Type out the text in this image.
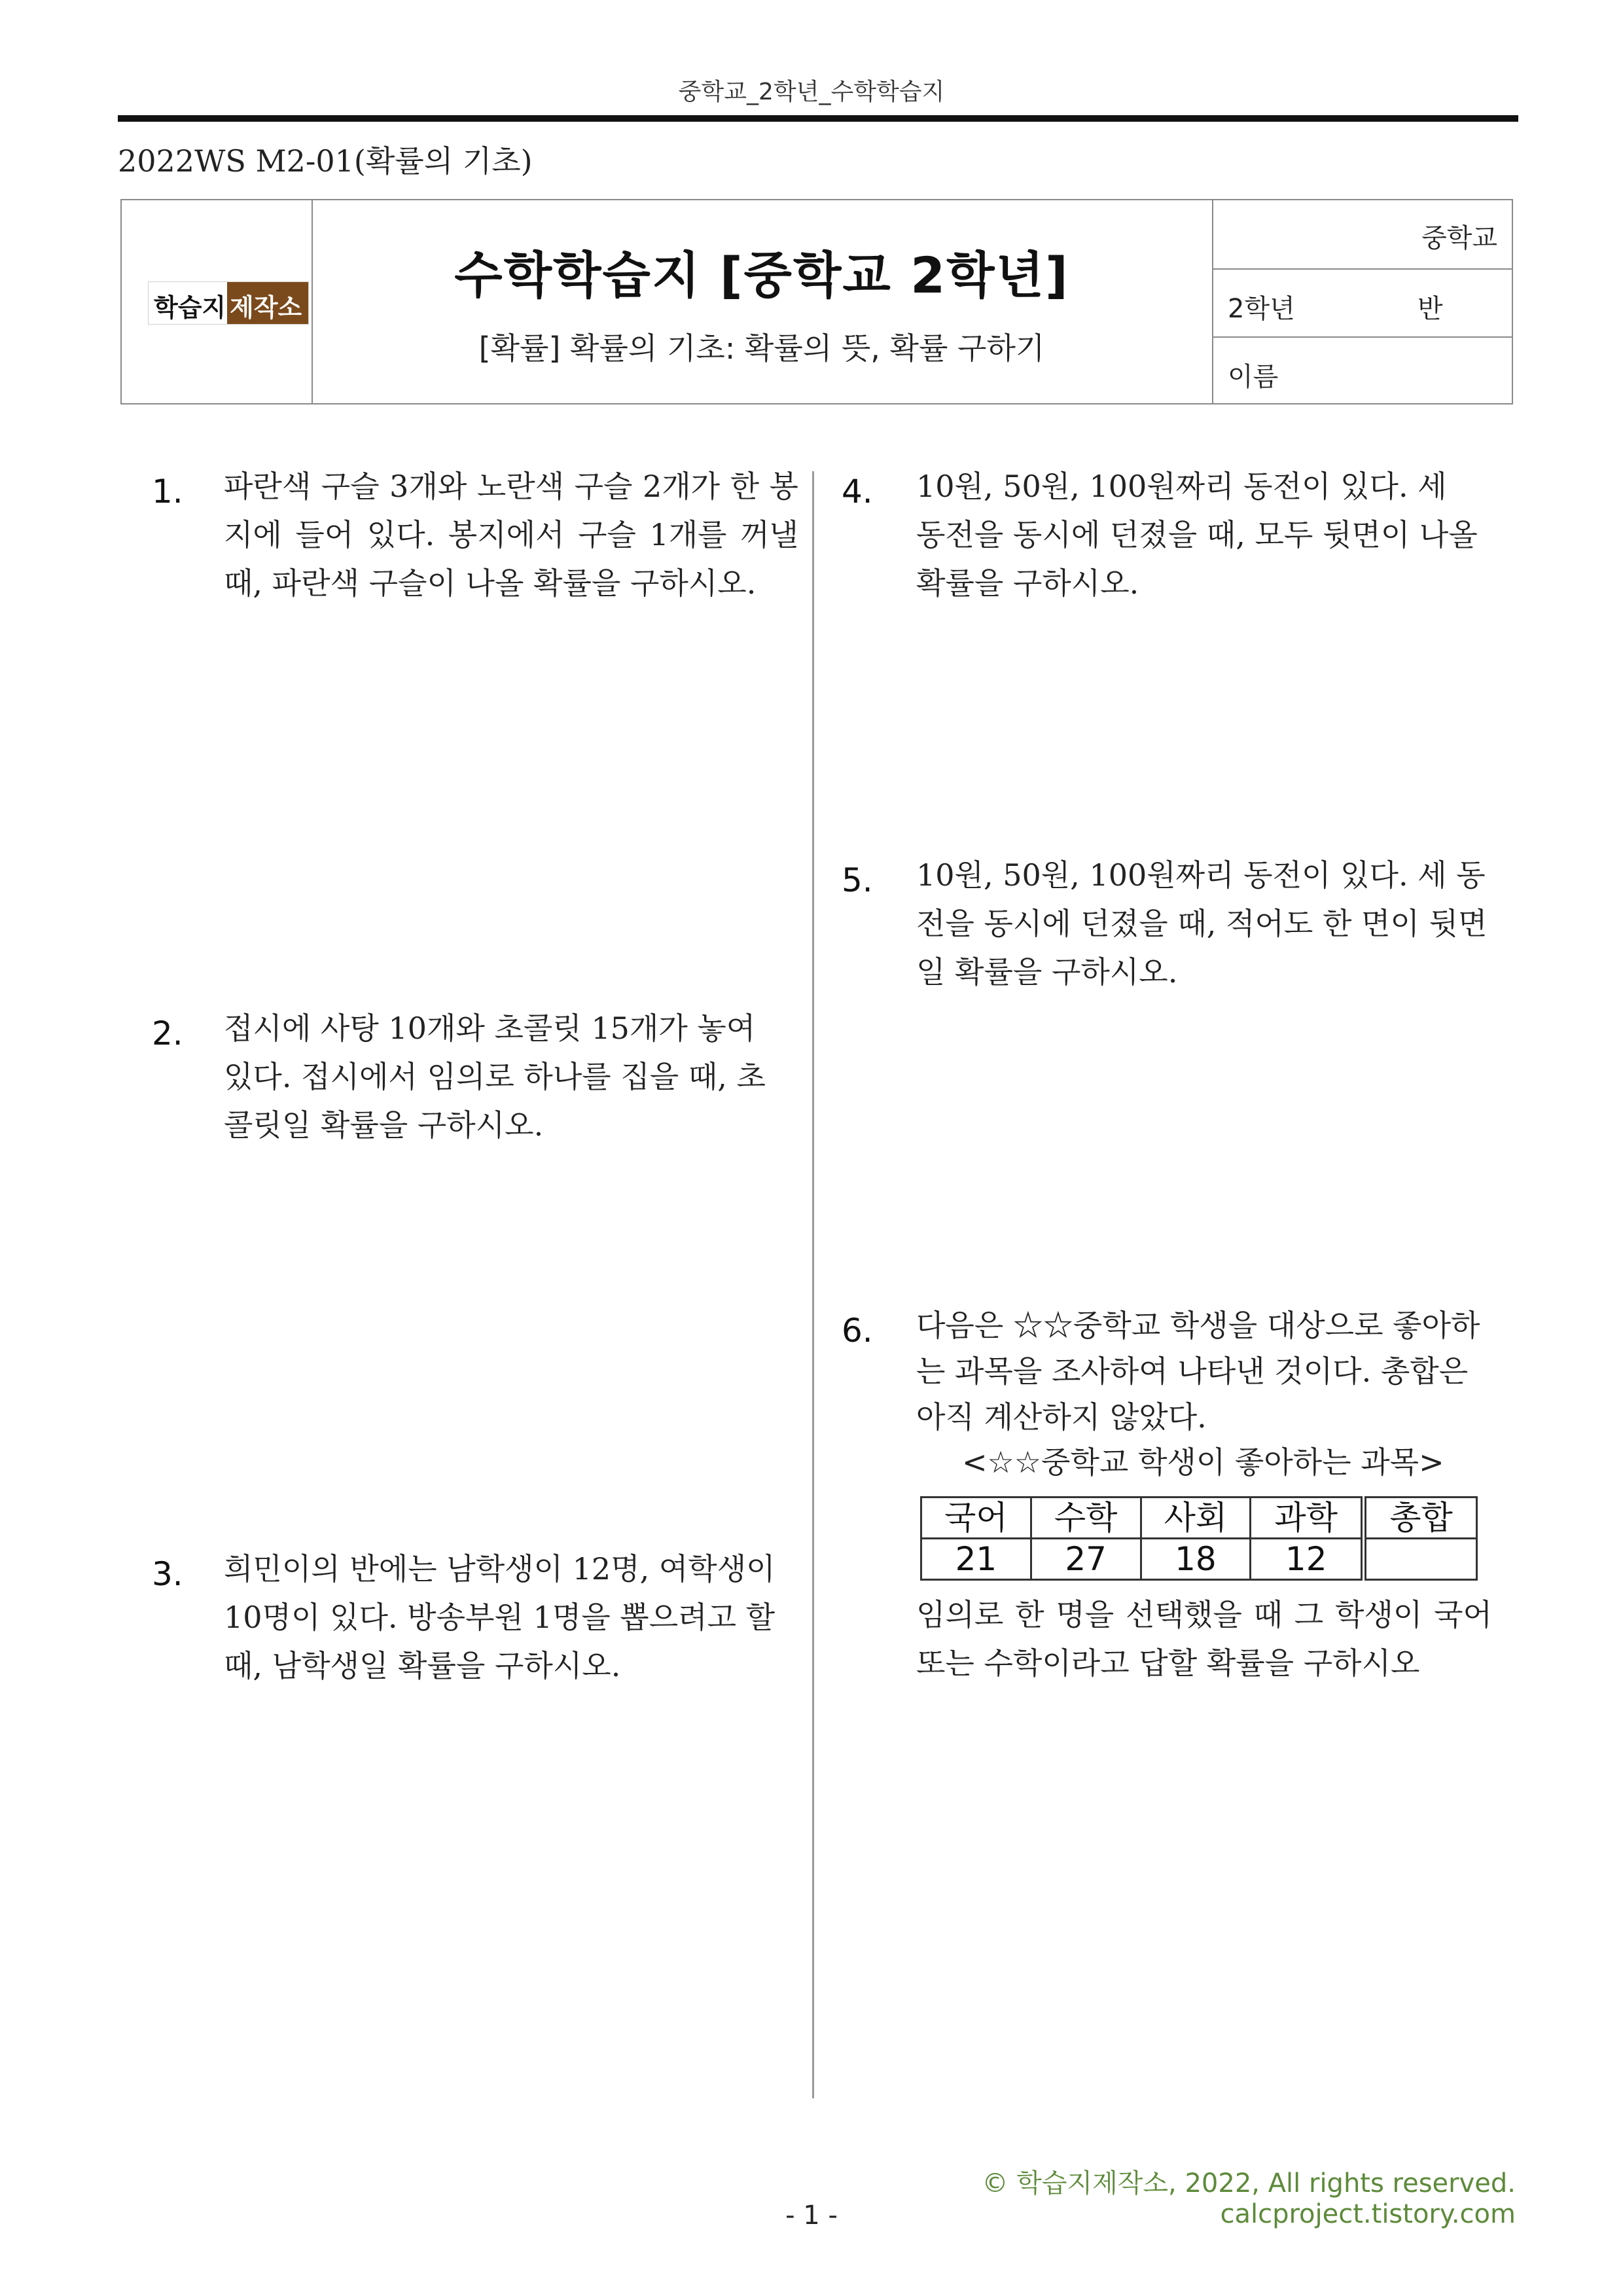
중학교_2학년_수학학습지
2022WS M2-01(확률의 기초)
학습지 제작소
수학학습지 [중학교 2학년]
[확률] 확률의 기초: 확률의 뜻, 확률 구하기
중학교
2학년	반
이름
1. 파란색 구슬 3개와 노란색 구슬 2개가 한 봉지에 들어 있다. 봉지에서 구슬 1개를 꺼낼 때, 파란색 구슬이 나올 확률을 구하시오.
2. 접시에 사탕 10개와 초콜릿 15개가 놓여 있다. 접시에서 임의로 하나를 집을 때, 초콜릿일 확률을 구하시오.
3. 희민이의 반에는 남학생이 12명, 여학생이 10명이 있다. 방송부원 1명을 뽑으려고 할 때, 남학생일 확률을 구하시오.
4. 10원, 50원, 100원짜리 동전이 있다. 세 동전을 동시에 던졌을 때, 모두 뒷면이 나올 확률을 구하시오.
5. 10원, 50원, 100원짜리 동전이 있다. 세 동전을 동시에 던졌을 때, 적어도 한 면이 뒷면일 확률을 구하시오.
6. 다음은 ☆☆중학교 학생을 대상으로 좋아하는 과목을 조사하여 나타낸 것이다. 총합은 아직 계산하지 않았다.
<☆☆중학교 학생이 좋아하는 과목>
국어	수학	사회	과학	총합
21	27	18	12	
임의로 한 명을 선택했을 때 그 학생이 국어 또는 수학이라고 답할 확률을 구하시오
© 학습지제작소, 2022, All rights reserved.
calcproject.tistory.com
- 1 -
